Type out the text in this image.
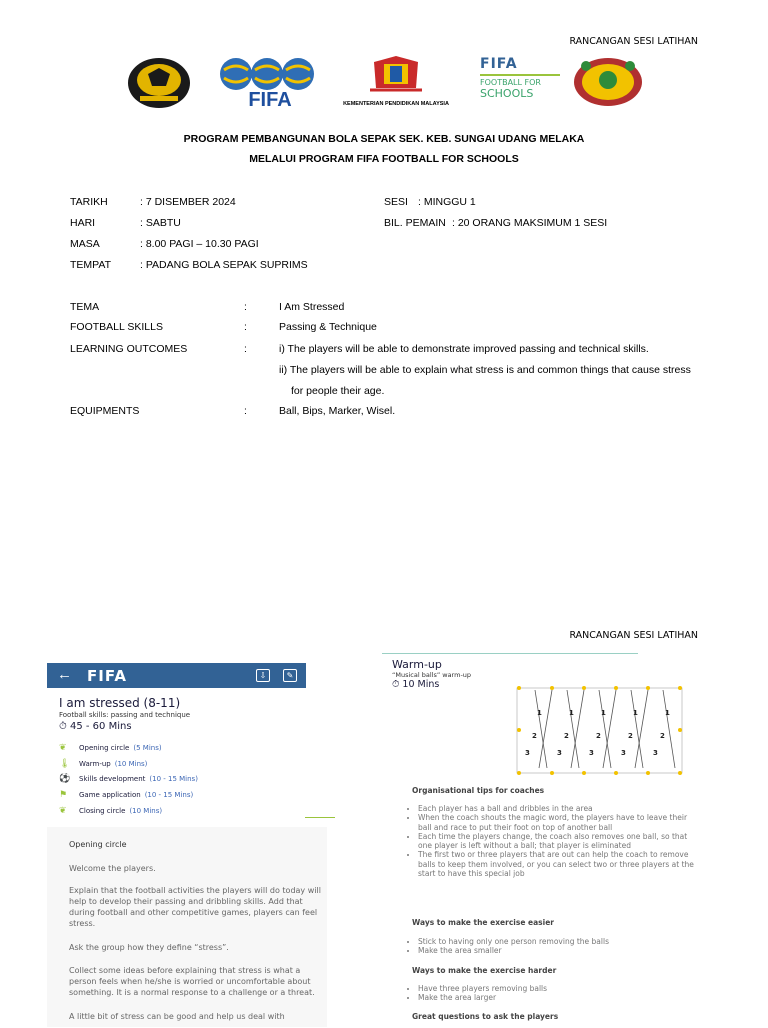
RANCANGAN SESI LATIHAN
FIFA	KEMENTERIAN PENDIDIKAN MALAYSIA
FIFA
FOOTBALL FOR
SCHOOLS
PROGRAM PEMBANGUNAN BOLA SEPAK SEK. KEB. SUNGAI UDANG MELAKA
MELALUI PROGRAM FIFA FOOTBALL FOR SCHOOLS
TARIKH	: 7 DISEMBER 2024
HARI	: SABTU
MASA	: 8.00 PAGI – 10.30 PAGI
TEMPAT	: PADANG BOLA SEPAK SUPRIMS
SESI : MINGGU 1
BIL. PEMAIN : 20 ORANG MAKSIMUM 1 SESI
TEMA	:	I Am Stressed
FOOTBALL SKILLS	:	Passing & Technique
LEARNING OUTCOMES	:	i) The players will be able to demonstrate improved passing and technical skills.
ii) The players will be able to explain what stress is and common things that cause stress
for people their age.
EQUIPMENTS	:	Ball, Bips, Marker, Wisel.
RANCANGAN SESI LATIHAN
← FIFA	⇩	✎
I am stressed (8-11)
Football skills: passing and technique
⏱ 45 - 60 Mins
❦ Opening circle (5 Mins)
🌡 Warm-up (10 Mins)
⚽ Skills development (10 - 15 Mins)
⚑ Game application (10 - 15 Mins)
❦ Closing circle (10 Mins)
Opening circle
Welcome the players.
Explain that the football activities the players will do today will help to develop their passing and dribbling skills. Add that during football and other competitive games, players can feel stress.
Ask the group how they define “stress”.
Collect some ideas before explaining that stress is what a person feels when he/she is worried or uncomfortable about something. It is a normal response to a challenge or a threat.
A little bit of stress can be good and help us deal with
Warm-up
“Musical balls” warm-up
⏱ 10 Mins
1	1	1	1	1
2	2	2	2	2
3	3	3	3	3
Organisational tips for coaches
• Each player has a ball and dribbles in the area
• When the coach shouts the magic word, the players have to leave their ball and race to put their foot on top of another ball
• Each time the players change, the coach also removes one ball, so that one player is left without a ball; that player is eliminated
• The first two or three players that are out can help the coach to remove balls to keep them involved, or you can select two or three players at the start to have this special job
Ways to make the exercise easier
• Stick to having only one person removing the balls
• Make the area smaller
Ways to make the exercise harder
• Have three players removing balls
• Make the area larger
Great questions to ask the players
